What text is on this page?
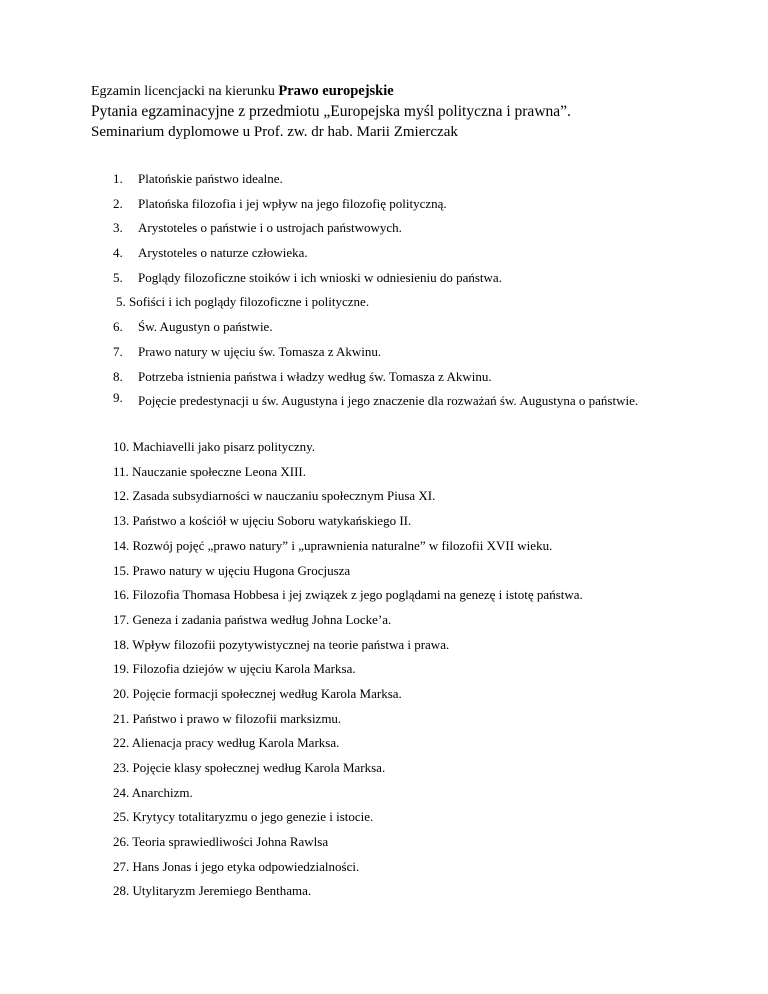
Egzamin licencjacki na kierunku Prawo europejskie
Pytania egzaminacyjne z przedmiotu „Europejska myśl polityczna i prawna”.
Seminarium dyplomowe u Prof. zw. dr hab. Marii Zmierczak
1. Platońskie państwo idealne.
2. Platońska filozofia i jej wpływ na jego filozofię polityczną.
3. Arystoteles o państwie i o ustrojach państwowych.
4. Arystoteles o naturze człowieka.
5. Poglądy filozoficzne stoików i ich wnioski w odniesieniu do państwa.
5. Sofiści i ich poglądy filozoficzne i polityczne.
6. Św. Augustyn o państwie.
7. Prawo natury w ujęciu św. Tomasza z Akwinu.
8. Potrzeba istnienia państwa i władzy według św. Tomasza z Akwinu.
9. Pojęcie predestynacji u św. Augustyna i jego znaczenie dla rozważań św. Augustyna o państwie.
10. Machiavelli jako pisarz polityczny.
11. Nauczanie społeczne Leona XIII.
12. Zasada subsydiarności w nauczaniu społecznym Piusa XI.
13. Państwo a kościół w ujęciu Soboru watykańskiego II.
14. Rozwój pojęć „prawo natury” i „uprawnienia naturalne” w filozofii XVII wieku.
15. Prawo natury w ujęciu Hugona Grocjusza
16. Filozofia Thomasa Hobbesa i jej związek z jego poglądami na genezę i istotę państwa.
17. Geneza i zadania państwa według Johna Locke’a.
18. Wpływ filozofii pozytywistycznej na teorie państwa i prawa.
19. Filozofia dziejów w ujęciu Karola Marksa.
20. Pojęcie formacji społecznej według Karola Marksa.
21. Państwo i prawo w filozofii marksizmu.
22. Alienacja pracy według Karola Marksa.
23. Pojęcie klasy społecznej według Karola Marksa.
24. Anarchizm.
25. Krytycy totalitaryzmu o jego genezie i istocie.
26. Teoria sprawiedliwości Johna Rawlsa
27. Hans Jonas i jego etyka odpowiedzialności.
28. Utylitaryzm Jeremiego Benthama.
